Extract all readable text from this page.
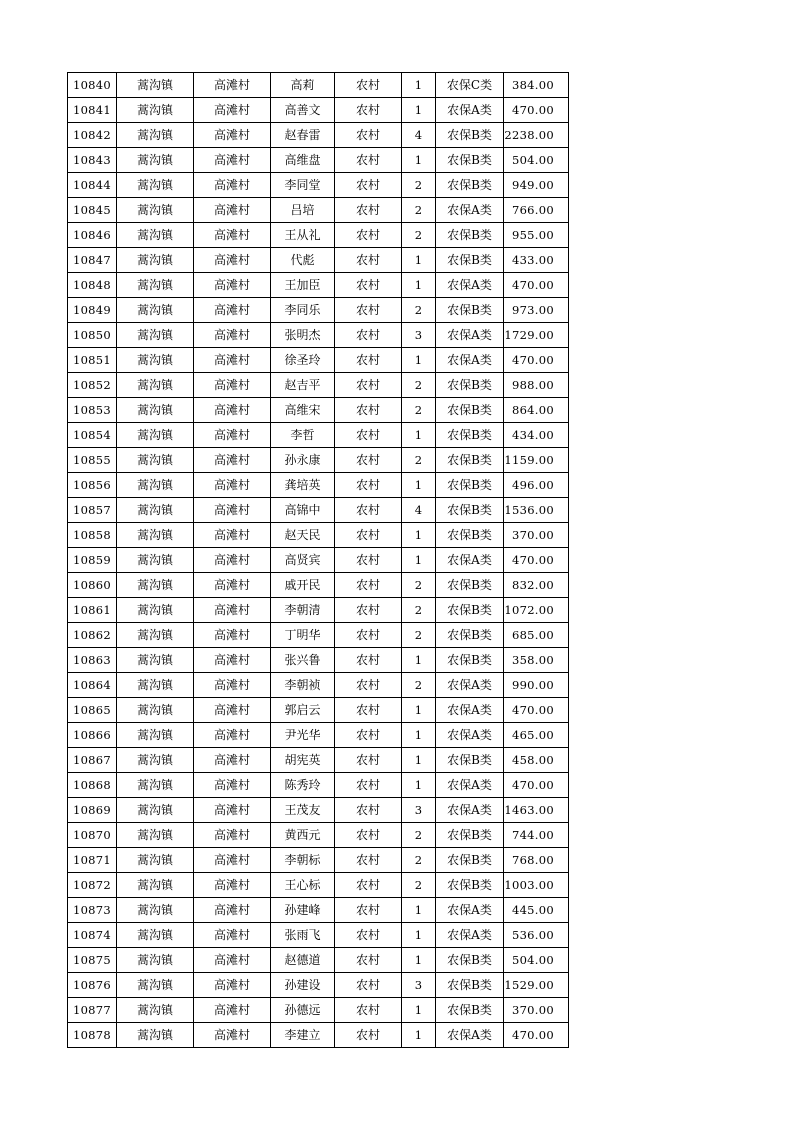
10840	蒿沟镇	高滩村	高莉	农村	1	农保C类	384.00
10841	蒿沟镇	高滩村	高善文	农村	1	农保A类	470.00
10842	蒿沟镇	高滩村	赵春雷	农村	4	农保B类	2238.00
10843	蒿沟镇	高滩村	高维盘	农村	1	农保B类	504.00
10844	蒿沟镇	高滩村	李同堂	农村	2	农保B类	949.00
10845	蒿沟镇	高滩村	吕培	农村	2	农保A类	766.00
10846	蒿沟镇	高滩村	王从礼	农村	2	农保B类	955.00
10847	蒿沟镇	高滩村	代彪	农村	1	农保B类	433.00
10848	蒿沟镇	高滩村	王加臣	农村	1	农保A类	470.00
10849	蒿沟镇	高滩村	李同乐	农村	2	农保B类	973.00
10850	蒿沟镇	高滩村	张明杰	农村	3	农保A类	1729.00
10851	蒿沟镇	高滩村	徐圣玲	农村	1	农保A类	470.00
10852	蒿沟镇	高滩村	赵吉平	农村	2	农保B类	988.00
10853	蒿沟镇	高滩村	高维宋	农村	2	农保B类	864.00
10854	蒿沟镇	高滩村	李哲	农村	1	农保B类	434.00
10855	蒿沟镇	高滩村	孙永康	农村	2	农保B类	1159.00
10856	蒿沟镇	高滩村	龚培英	农村	1	农保B类	496.00
10857	蒿沟镇	高滩村	高锦中	农村	4	农保B类	1536.00
10858	蒿沟镇	高滩村	赵天民	农村	1	农保B类	370.00
10859	蒿沟镇	高滩村	高贤宾	农村	1	农保A类	470.00
10860	蒿沟镇	高滩村	戚开民	农村	2	农保B类	832.00
10861	蒿沟镇	高滩村	李朝清	农村	2	农保B类	1072.00
10862	蒿沟镇	高滩村	丁明华	农村	2	农保B类	685.00
10863	蒿沟镇	高滩村	张兴鲁	农村	1	农保B类	358.00
10864	蒿沟镇	高滩村	李朝祯	农村	2	农保A类	990.00
10865	蒿沟镇	高滩村	郭启云	农村	1	农保A类	470.00
10866	蒿沟镇	高滩村	尹光华	农村	1	农保A类	465.00
10867	蒿沟镇	高滩村	胡宪英	农村	1	农保B类	458.00
10868	蒿沟镇	高滩村	陈秀玲	农村	1	农保A类	470.00
10869	蒿沟镇	高滩村	王茂友	农村	3	农保A类	1463.00
10870	蒿沟镇	高滩村	黄西元	农村	2	农保B类	744.00
10871	蒿沟镇	高滩村	李朝标	农村	2	农保B类	768.00
10872	蒿沟镇	高滩村	王心标	农村	2	农保B类	1003.00
10873	蒿沟镇	高滩村	孙建峰	农村	1	农保A类	445.00
10874	蒿沟镇	高滩村	张雨飞	农村	1	农保A类	536.00
10875	蒿沟镇	高滩村	赵德道	农村	1	农保B类	504.00
10876	蒿沟镇	高滩村	孙建设	农村	3	农保B类	1529.00
10877	蒿沟镇	高滩村	孙德远	农村	1	农保B类	370.00
10878	蒿沟镇	高滩村	李建立	农村	1	农保A类	470.00
